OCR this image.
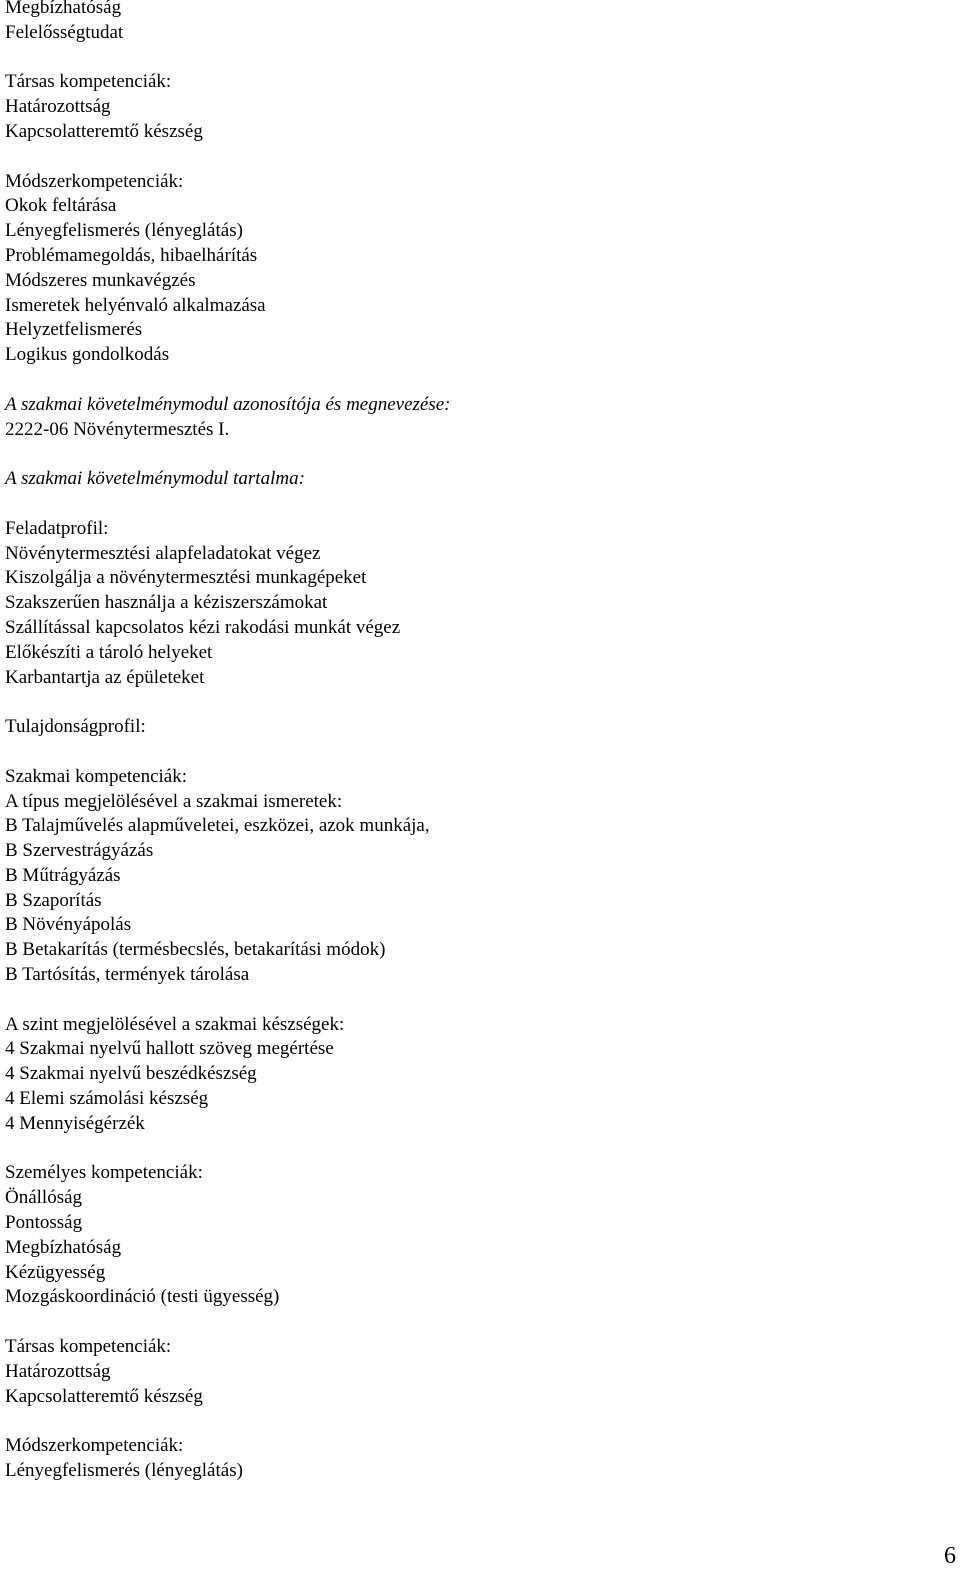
Megbízhatóság
Felelősségtudat
Társas kompetenciák:
Határozottság
Kapcsolatteremtő készség
Módszerkompetenciák:
Okok feltárása
Lényegfelismerés (lényeglátás)
Problémamegoldás, hibaelhárítás
Módszeres munkavégzés
Ismeretek helyénvaló alkalmazása
Helyzetfelismerés
Logikus gondolkodás
A szakmai követelménymodul azonosítója és megnevezése:
2222-06 Növénytermesztés I.
A szakmai követelménymodul tartalma:
Feladatprofil:
Növénytermesztési alapfeladatokat végez
Kiszolgálja a növénytermesztési munkagépeket
Szakszerűen használja a kéziszerszámokat
Szállítással kapcsolatos kézi rakodási munkát végez
Előkészíti a tároló helyeket
Karbantartja az épületeket
Tulajdonságprofil:
Szakmai kompetenciák:
A típus megjelölésével a szakmai ismeretek:
B Talajművelés alapműveletei, eszközei, azok munkája,
B Szervestrágyázás
B Műtrágyázás
B Szaporítás
B Növényápolás
B Betakarítás (termésbecslés, betakarítási módok)
B Tartósítás, termények tárolása
A szint megjelölésével a szakmai készségek:
4 Szakmai nyelvű hallott szöveg megértése
4 Szakmai nyelvű beszédkészség
4 Elemi számolási készség
4 Mennyiségérzék
Személyes kompetenciák:
Önállóság
Pontosság
Megbízhatóság
Kézügyesség
Mozgáskoordináció (testi ügyesség)
Társas kompetenciák:
Határozottság
Kapcsolatteremtő készség
Módszerkompetenciák:
Lényegfelismerés (lényeglátás)
6
